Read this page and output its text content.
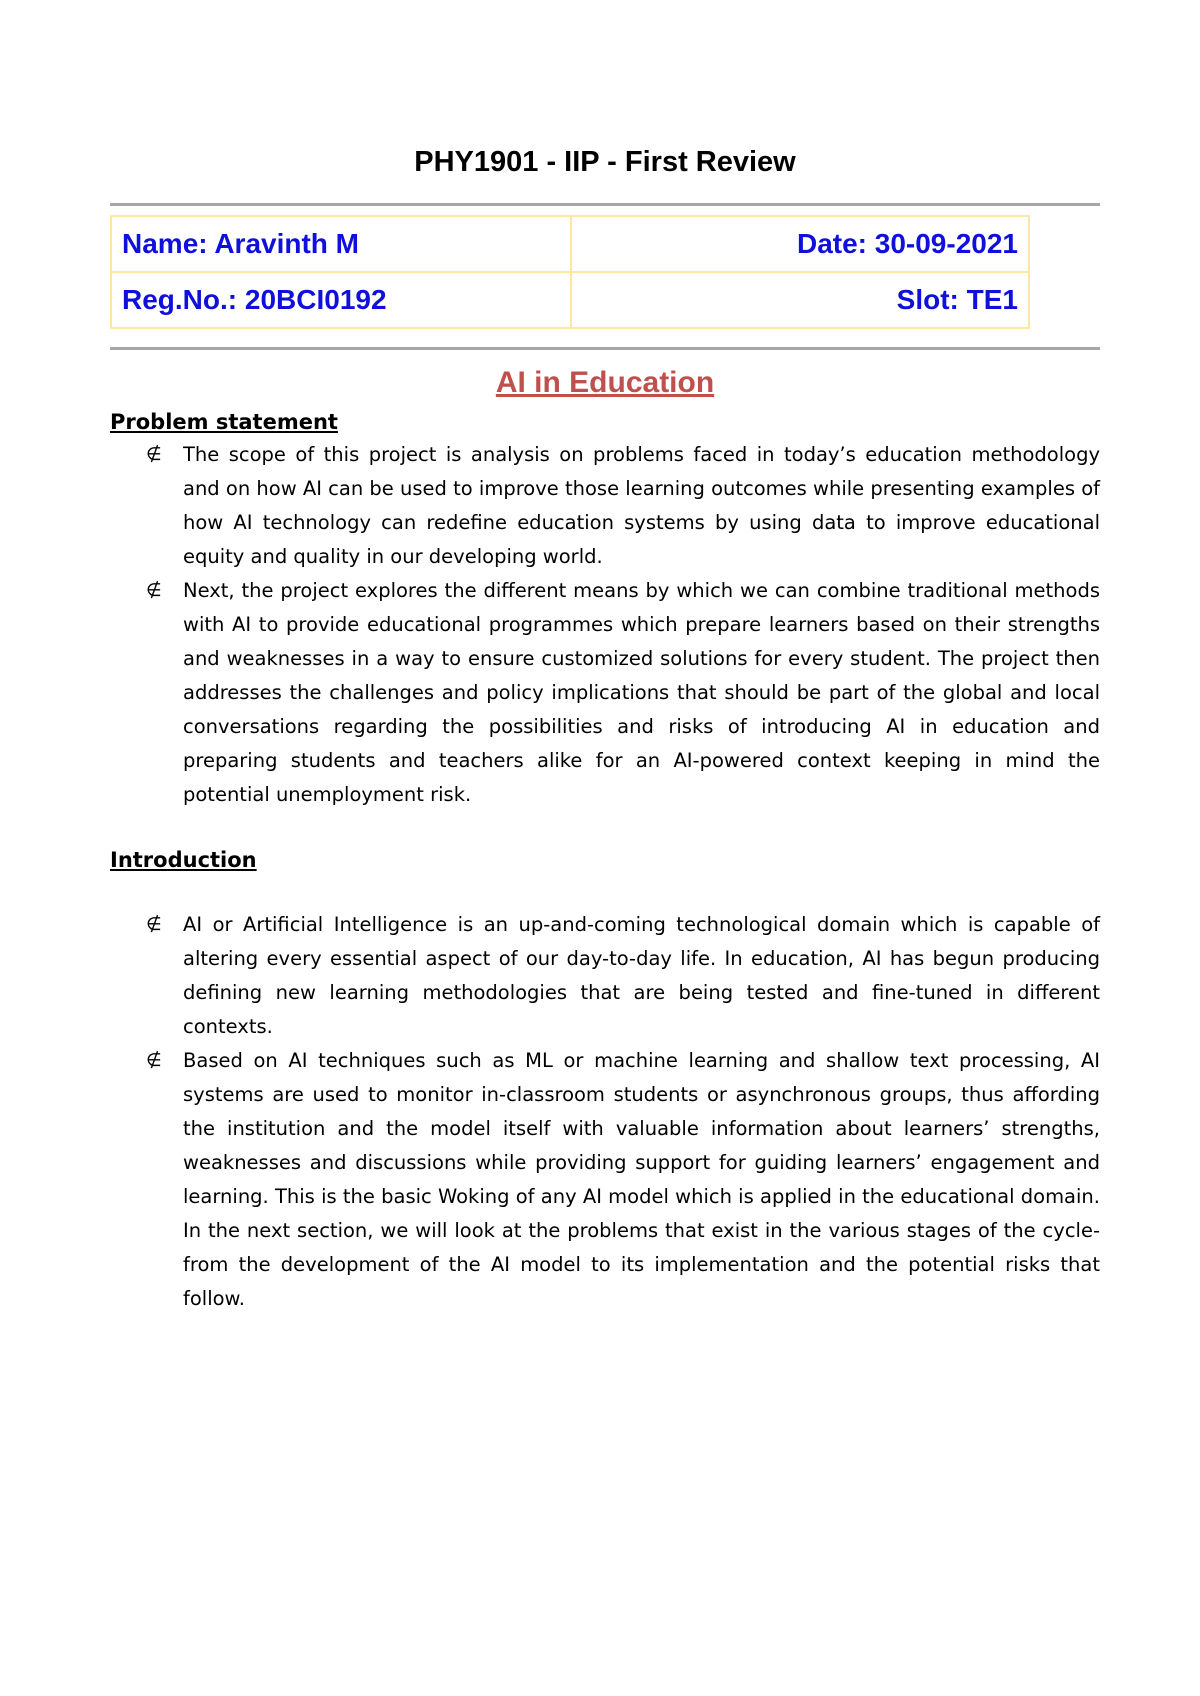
PHY1901 - IIP - First Review
Name: Aravinth M	Date: 30-09-2021
Reg.No.: 20BCI0192	Slot: TE1
AI in Education
Problem statement
∉ The scope of this project is analysis on problems faced in today’s education methodology and on how AI can be used to improve those learning outcomes while presenting examples of how AI technology can redefine education systems by using data to improve educational equity and quality in our developing world.
∉ Next, the project explores the different means by which we can combine traditional methods with AI to provide educational programmes which prepare learners based on their strengths and weaknesses in a way to ensure customized solutions for every student. The project then addresses the challenges and policy implications that should be part of the global and local conversations regarding the possibilities and risks of introducing AI in education and preparing students and teachers alike for an AI-powered context keeping in mind the potential unemployment risk.
Introduction
∉ AI or Artificial Intelligence is an up-and-coming technological domain which is capable of altering every essential aspect of our day-to-day life. In education, AI has begun producing defining new learning methodologies that are being tested and fine-tuned in different contexts.
∉ Based on AI techniques such as ML or machine learning and shallow text processing, AI systems are used to monitor in-classroom students or asynchronous groups, thus affording the institution and the model itself with valuable information about learners’ strengths, weaknesses and discussions while providing support for guiding learners’ engagement and learning. This is the basic Woking of any AI model which is applied in the educational domain. In the next section, we will look at the problems that exist in the various stages of the cycle- from the development of the AI model to its implementation and the potential risks that follow.
